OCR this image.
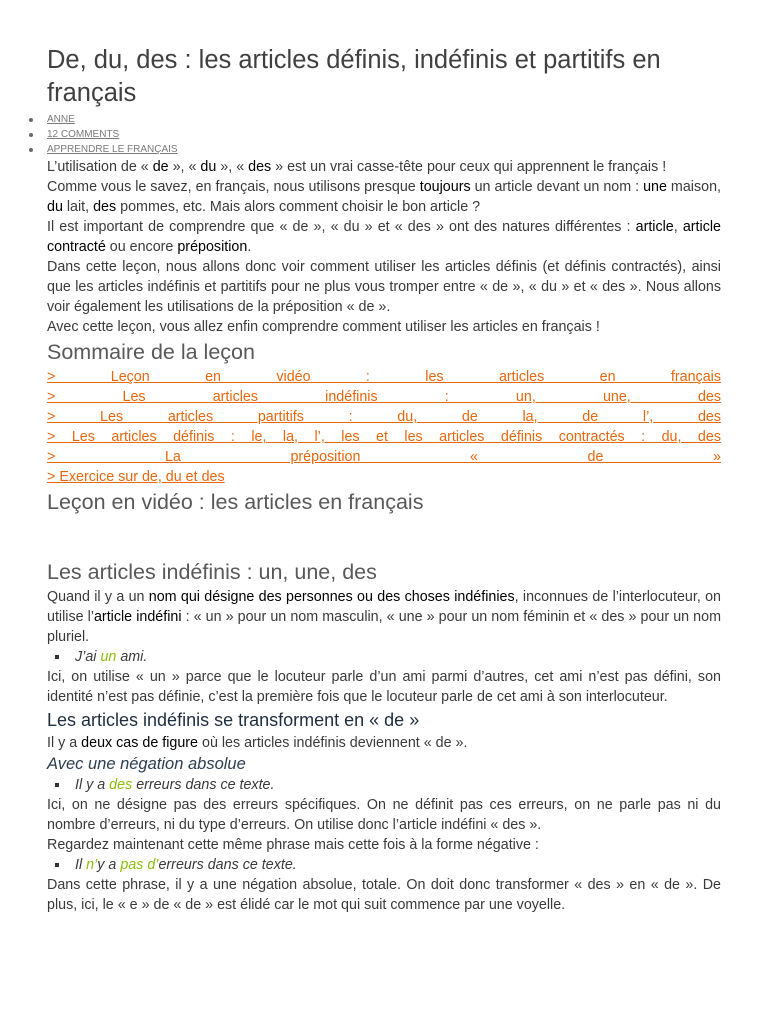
De, du, des : les articles définis, indéfinis et partitifs en français
ANNE
12 COMMENTS
APPRENDRE LE FRANÇAIS

L’utilisation de « de », « du », « des » est un vrai casse-tête pour ceux qui apprennent le français !

Comme vous le savez, en français, nous utilisons presque toujours un article devant un nom : une maison, du lait, des pommes, etc. Mais alors comment choisir le bon article ?

Il est important de comprendre que « de », « du » et « des » ont des natures différentes : article, article contracté ou encore préposition.

Dans cette leçon, nous allons donc voir comment utiliser les articles définis (et définis contractés), ainsi que les articles indéfinis et partitifs pour ne plus vous tromper entre « de », « du » et « des ». Nous allons voir également les utilisations de la préposition « de ».

Avec cette leçon, vous allez enfin comprendre comment utiliser les articles en français !

Sommaire de la leçon
> Leçon en vidéo : les articles en français
> Les articles indéfinis : un, une, des
> Les articles partitifs : du, de la, de l’, des
> Les articles définis : le, la, l’, les et les articles définis contractés : du, des
> La préposition « de »
> Exercice sur de, du et des
Leçon en vidéo : les articles en français
Les articles indéfinis : un, une, des

Quand il y a un nom qui désigne des personnes ou des choses indéfinies, inconnues de l’interlocuteur, on utilise l’article indéfini : « un » pour un nom masculin, « une » pour un nom féminin et « des » pour un nom pluriel.

J’ai un ami.

Ici, on utilise « un » parce que le locuteur parle d’un ami parmi d’autres, cet ami n’est pas défini, son identité n’est pas définie, c’est la première fois que le locuteur parle de cet ami à son interlocuteur.

Les articles indéfinis se transforment en « de »

Il y a deux cas de figure où les articles indéfinis deviennent « de ».

Avec une négation absolue
Il y a des erreurs dans ce texte.

Ici, on ne désigne pas des erreurs spécifiques. On ne définit pas ces erreurs, on ne parle pas ni du nombre d’erreurs, ni du type d’erreurs. On utilise donc l’article indéfini « des ».

Regardez maintenant cette même phrase mais cette fois à la forme négative :

Il n’y a pas d’erreurs dans ce texte.

Dans cette phrase, il y a une négation absolue, totale. On doit donc transformer « des » en « de ». De plus, ici, le « e » de « de » est élidé car le mot qui suit commence par une voyelle.
